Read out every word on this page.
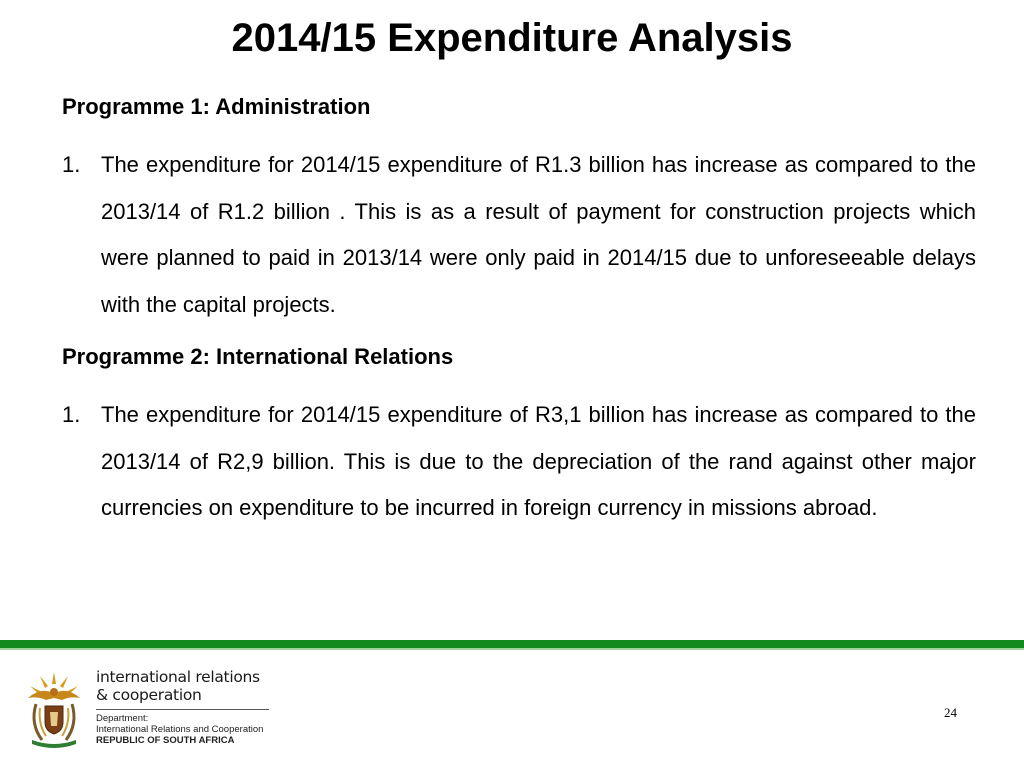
2014/15 Expenditure Analysis

Programme 1: Administration

1. The expenditure for 2014/15 expenditure of R1.3 billion has increase as compared to the 2013/14 of R1.2 billion . This is as a result of payment for construction projects which were planned to paid in 2013/14 were only paid in 2014/15 due to unforeseeable delays with the capital projects.

Programme 2: International Relations

1. The expenditure for 2014/15 expenditure of R3,1 billion has increase as compared to the 2013/14 of R2,9 billion. This is due to the depreciation of the rand against other major currencies on expenditure to be incurred in foreign currency in missions abroad.
international relations
& cooperation
Department:
International Relations and Cooperation
REPUBLIC OF SOUTH AFRICA
24
